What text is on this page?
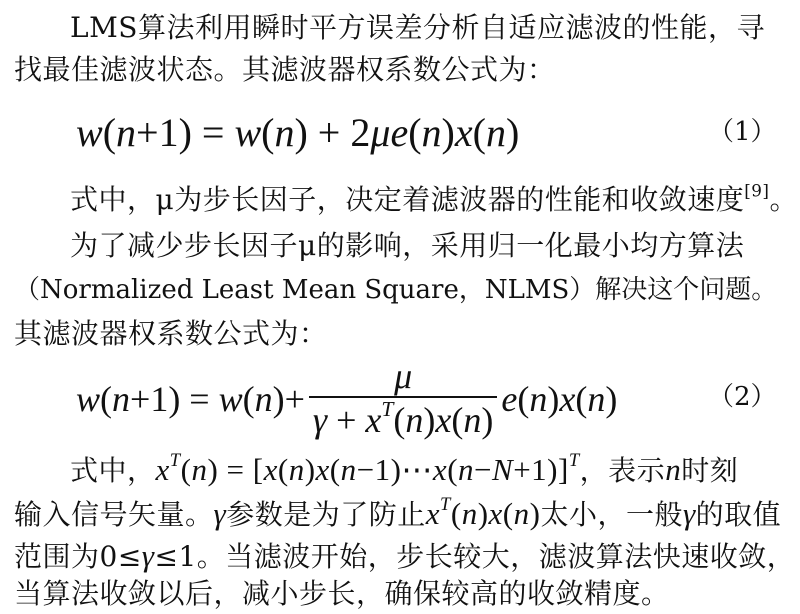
LMS算法利用瞬时平方误差分析自适应滤波的性能，寻
找最佳滤波状态。其滤波器权系数公式为：
w(n+1) = w(n) + 2μe(n)x(n)	（1）
式中，μ为步长因子，决定着滤波器的性能和收敛速度[9]。
为了减少步长因子μ的影响，采用归一化最小均方算法
（Normalized Least Mean Square，NLMS）解决这个问题。
其滤波器权系数公式为：
$w(n+1) = w(n)+ \frac{\mu}{\gamma + x^T(n)x(n)} e(n)x(n)$	（2）
式中，$x^T(n)$ = [x(n)x(n−1)⋯x(n−N+1)]$^T$，表示n时刻
输入信号矢量。γ参数是为了防止$x^T(n)x(n)$太小，一般γ的取值
范围为0≤γ≤1。当滤波开始，步长较大，滤波算法快速收敛，
当算法收敛以后，减小步长，确保较高的收敛精度。
